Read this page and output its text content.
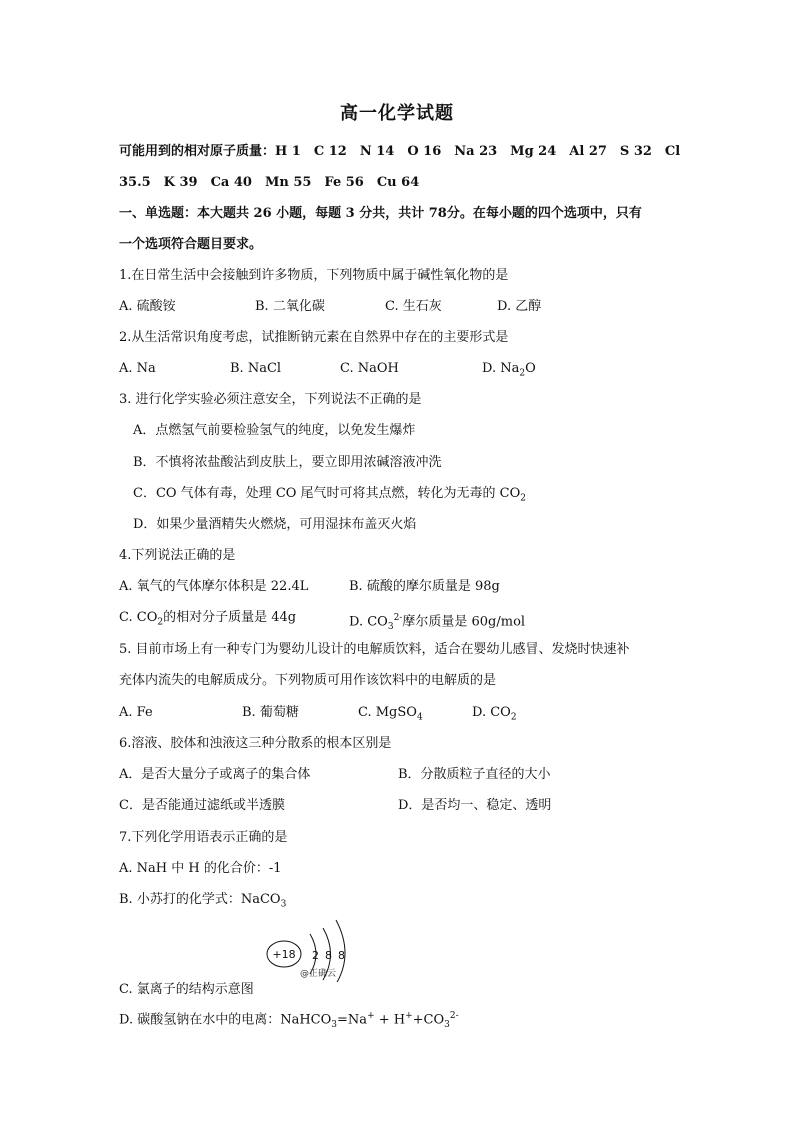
高一化学试题
可能用到的相对原子质量：H 1　C 12　N 14　O 16　Na 23　Mg 24　Al 27　S 32　Cl
35.5　K 39　Ca 40　Mn 55　Fe 56　Cu 64
一、单选题：本大题共 26 小题，每题 3 分共，共计 78分。在每小题的四个选项中，只有
一个选项符合题目要求。
1.在日常生活中会接触到许多物质，下列物质中属于碱性氧化物的是
A. 硫酸铵	B. 二氧化碳	C. 生石灰	D. 乙醇
2.从生活常识角度考虑，试推断钠元素在自然界中存在的主要形式是
A. Na	B. NaCl	C. NaOH	D. $Na_2O$
3. 进行化学实验必须注意安全，下列说法不正确的是
A．点燃氢气前要检验氢气的纯度，以免发生爆炸
B．不慎将浓盐酸沾到皮肤上，要立即用浓碱溶液冲洗
C．CO 气体有毒，处理 CO 尾气时可将其点燃，转化为无毒的 $CO_2$
D．如果少量酒精失火燃烧，可用湿抹布盖灭火焰
4.下列说法正确的是
A. 氧气的气体摩尔体积是 22.4L	B. 硫酸的摩尔质量是 98g
C. $CO_2$的相对分子质量是 44g	D. $CO_3^{2-}$摩尔质量是 60g/mol
5. 目前市场上有一种专门为婴幼儿设计的电解质饮料，适合在婴幼儿感冒、发烧时快速补
充体内流失的电解质成分。下列物质可用作该饮料中的电解质的是
A. Fe	B. 葡萄糖	C. MgSO$_4$	D. $CO_2$
6.溶液、胶体和浊液这三种分散系的根本区别是
A．是否大量分子或离子的集合体	B．分散质粒子直径的大小
C．是否能通过滤纸或半透膜	D．是否均一、稳定、透明
7.下列化学用语表示正确的是
A. NaH 中 H 的化合价：-1
B. 小苏打的化学式：NaCO$_3$
+18 2 8 8
@正确云
C. 氯离子的结构示意图
D. 碳酸氢钠在水中的电离：NaHCO$_3$=Na+ + $H^++CO_3^{2-}$
